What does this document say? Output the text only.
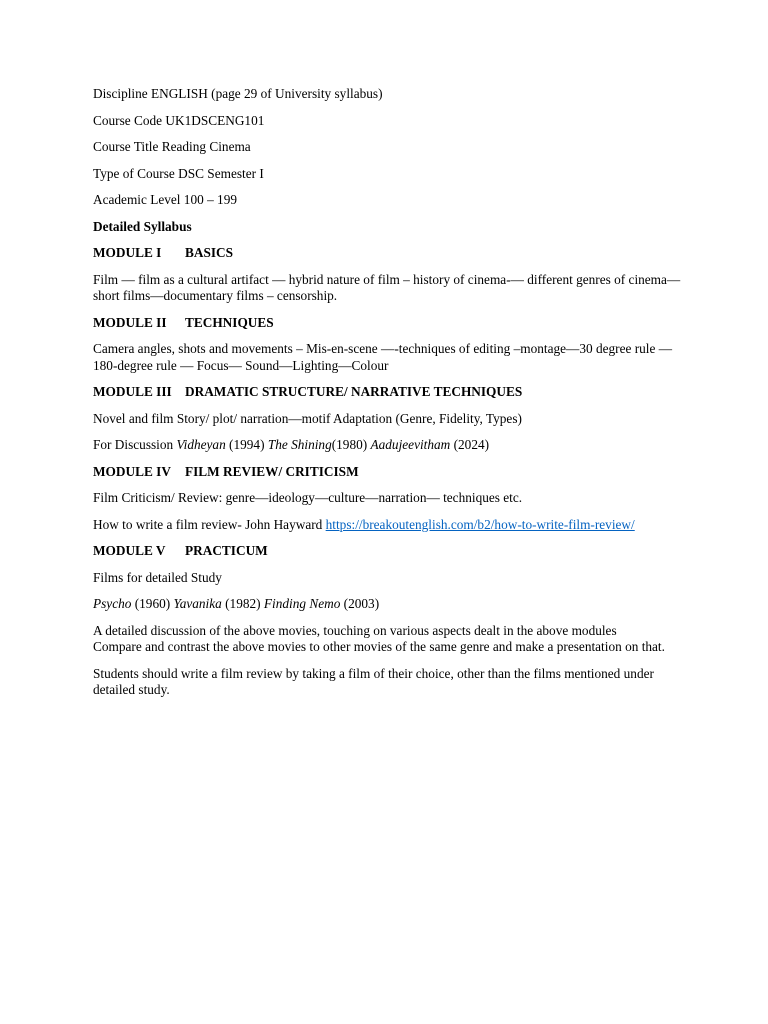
Discipline ENGLISH (page 29 of University syllabus)

Course Code UK1DSCENG101

Course Title Reading Cinema

Type of Course DSC Semester I

Academic Level 100 – 199

Detailed Syllabus

MODULE I BASICS

Film — film as a cultural artifact — hybrid nature of film – history of cinema-— different genres of cinema—short films—documentary films – censorship.

MODULE II TECHNIQUES

Camera angles, shots and movements – Mis-en-scene —-techniques of editing –montage—30 degree rule —180-degree rule — Focus— Sound—Lighting—Colour

MODULE III DRAMATIC STRUCTURE/ NARRATIVE TECHNIQUES

Novel and film Story/ plot/ narration—motif Adaptation (Genre, Fidelity, Types)

For Discussion Vidheyan (1994) The Shining(1980) Aadujeevitham (2024)

MODULE IV FILM REVIEW/ CRITICISM

Film Criticism/ Review: genre—ideology—culture—narration— techniques etc.

How to write a film review- John Hayward https://breakoutenglish.com/b2/how-to-write-film-review/

MODULE V PRACTICUM

Films for detailed Study

Psycho (1960) Yavanika (1982) Finding Nemo (2003)

A detailed discussion of the above movies, touching on various aspects dealt in the above modules
Compare and contrast the above movies to other movies of the same genre and make a presentation on that.

Students should write a film review by taking a film of their choice, other than the films mentioned under detailed study.
